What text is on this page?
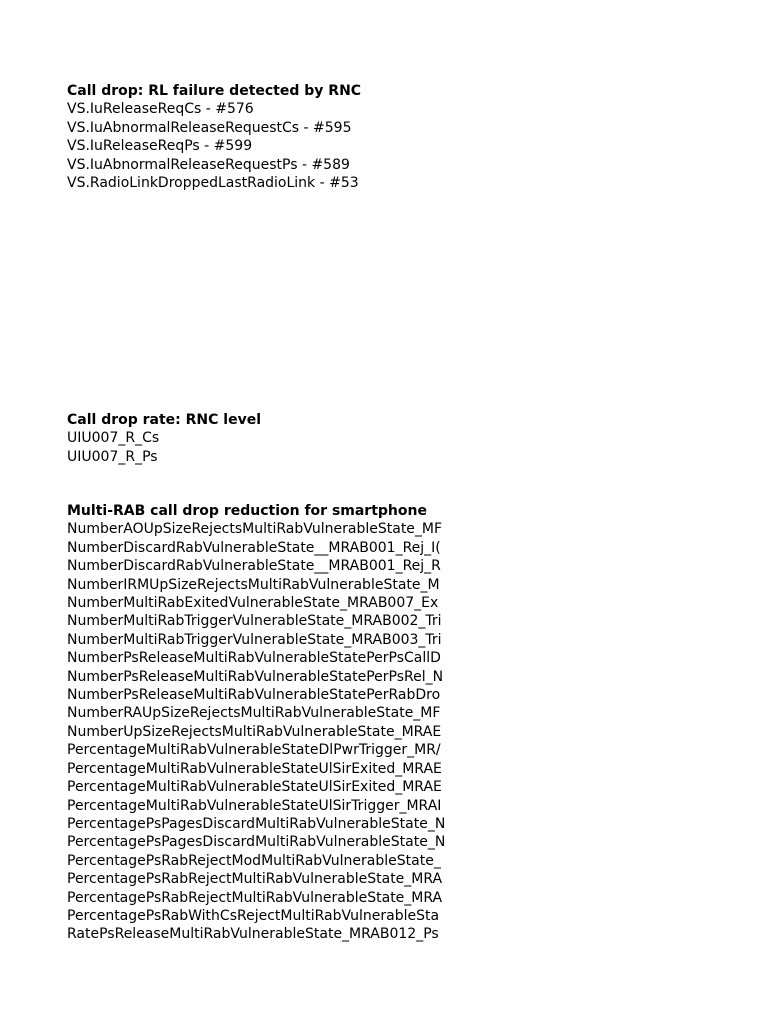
Call drop: RL failure detected by RNC
VS.IuReleaseReqCs - #576
VS.IuAbnormalReleaseRequestCs - #595
VS.IuReleaseReqPs - #599
VS.IuAbnormalReleaseRequestPs - #589
VS.RadioLinkDroppedLastRadioLink - #53
Call drop rate: RNC level
UIU007_R_Cs
UIU007_R_Ps
Multi-RAB call drop reduction for smartphone
NumberAOUpSizeRejectsMultiRabVulnerableState_MF
NumberDiscardRabVulnerableState__MRAB001_Rej_I(
NumberDiscardRabVulnerableState__MRAB001_Rej_R
NumberIRMUpSizeRejectsMultiRabVulnerableState_M
NumberMultiRabExitedVulnerableState_MRAB007_Ex
NumberMultiRabTriggerVulnerableState_MRAB002_Tri
NumberMultiRabTriggerVulnerableState_MRAB003_Tri
NumberPsReleaseMultiRabVulnerableStatePerPsCallD
NumberPsReleaseMultiRabVulnerableStatePerPsRel_N
NumberPsReleaseMultiRabVulnerableStatePerRabDro
NumberRAUpSizeRejectsMultiRabVulnerableState_MF
NumberUpSizeRejectsMultiRabVulnerableState_MRAE
PercentageMultiRabVulnerableStateDlPwrTrigger_MR/
PercentageMultiRabVulnerableStateUlSirExited_MRAE
PercentageMultiRabVulnerableStateUlSirExited_MRAE
PercentageMultiRabVulnerableStateUlSirTrigger_MRAI
PercentagePsPagesDiscardMultiRabVulnerableState_N
PercentagePsPagesDiscardMultiRabVulnerableState_N
PercentagePsRabRejectModMultiRabVulnerableState_
PercentagePsRabRejectMultiRabVulnerableState_MRA
PercentagePsRabRejectMultiRabVulnerableState_MRA
PercentagePsRabWithCsRejectMultiRabVulnerableSta
RatePsReleaseMultiRabVulnerableState_MRAB012_Ps
